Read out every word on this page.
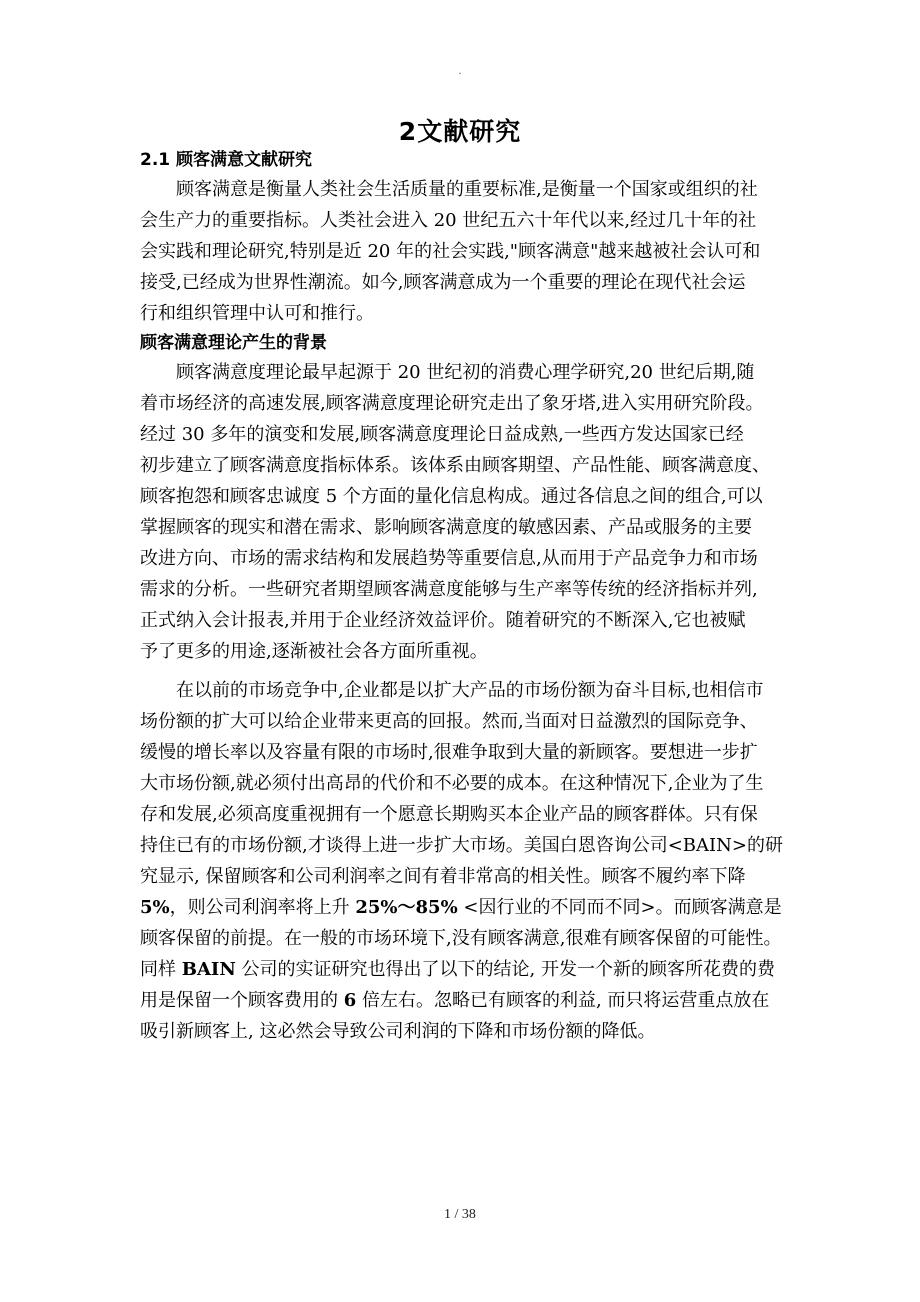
.
2文献研究
2.1 顾客满意文献研究

顾客满意是衡量人类社会生活质量的重要标准,是衡量一个国家或组织的社
会生产力的重要指标。人类社会进入 20 世纪五六十年代以来,经过几十年的社
会实践和理论研究,特别是近 20 年的社会实践,"顾客满意"越来越被社会认可和
接受,已经成为世界性潮流。如今,顾客满意成为一个重要的理论在现代社会运
行和组织管理中认可和推行。

顾客满意理论产生的背景

顾客满意度理论最早起源于 20 世纪初的消费心理学研究,20 世纪后期,随
着市场经济的高速发展,顾客满意度理论研究走出了象牙塔,进入实用研究阶段。
经过 30 多年的演变和发展,顾客满意度理论日益成熟,一些西方发达国家已经
初步建立了顾客满意度指标体系。该体系由顾客期望、产品性能、顾客满意度、
顾客抱怨和顾客忠诚度 5 个方面的量化信息构成。通过各信息之间的组合,可以
掌握顾客的现实和潜在需求、影响顾客满意度的敏感因素、产品或服务的主要
改进方向、市场的需求结构和发展趋势等重要信息,从而用于产品竞争力和市场
需求的分析。一些研究者期望顾客满意度能够与生产率等传统的经济指标并列,
正式纳入会计报表,并用于企业经济效益评价。随着研究的不断深入,它也被赋
予了更多的用途,逐渐被社会各方面所重视。

在以前的市场竞争中,企业都是以扩大产品的市场份额为奋斗目标,也相信市
场份额的扩大可以给企业带来更高的回报。然而,当面对日益激烈的国际竞争、
缓慢的增长率以及容量有限的市场时,很难争取到大量的新顾客。要想进一步扩
大市场份额,就必须付出高昂的代价和不必要的成本。在这种情况下,企业为了生
存和发展,必须高度重视拥有一个愿意长期购买本企业产品的顾客群体。只有保
持住已有的市场份额,才谈得上进一步扩大市场。美国白恩咨询公司<BAIN>的研
究显示, 保留顾客和公司利润率之间有着非常高的相关性。顾客不履约率下降
5%，则公司利润率将上升 25%～85% <因行业的不同而不同>。而顾客满意是
顾客保留的前提。在一般的市场环境下,没有顾客满意,很难有顾客保留的可能性。
同样 BAIN 公司的实证研究也得出了以下的结论, 开发一个新的顾客所花费的费
用是保留一个顾客费用的 6 倍左右。忽略已有顾客的利益, 而只将运营重点放在
吸引新顾客上, 这必然会导致公司利润的下降和市场份额的降低。

1 / 38
